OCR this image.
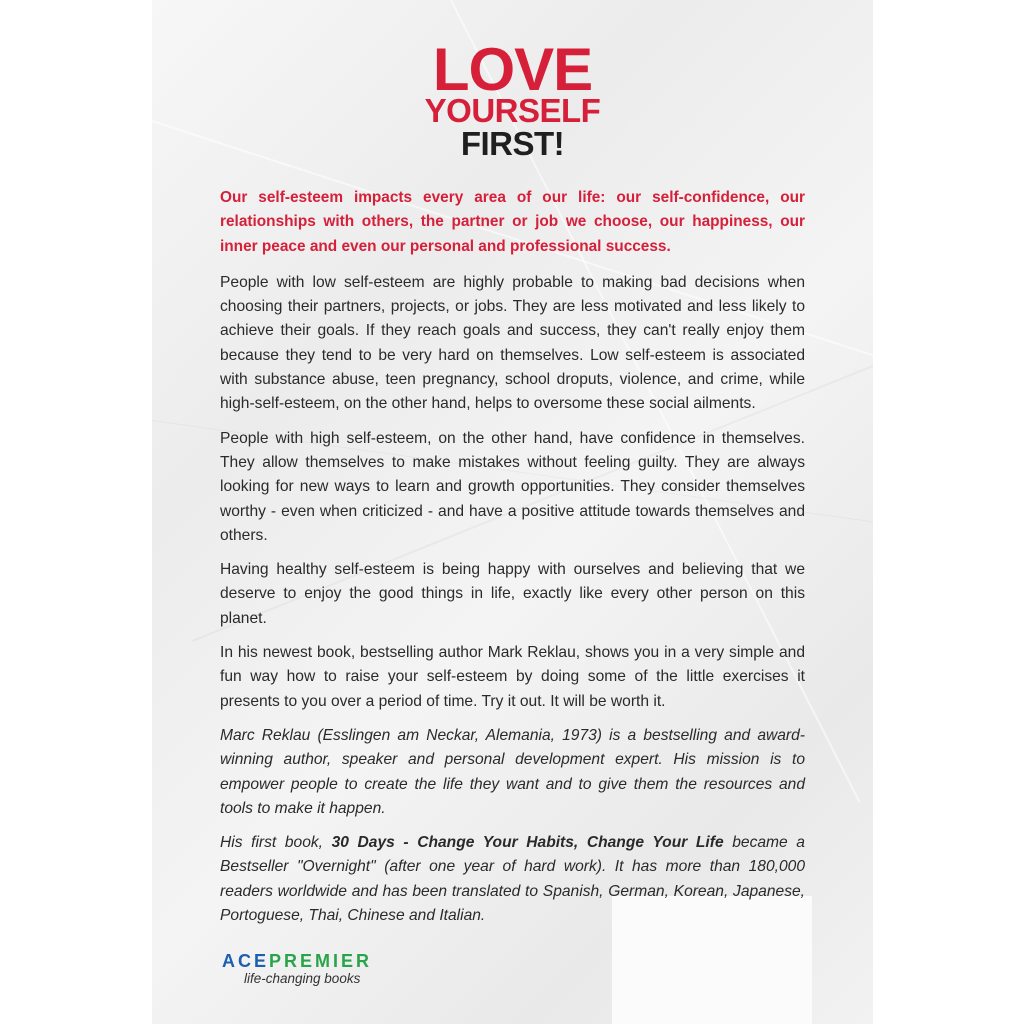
LOVE
YOURSELF
FIRST!

Our self-esteem impacts every area of our life: our self-confidence, our relationships with others, the partner or job we choose, our happiness, our inner peace and even our personal and professional success.

People with low self-esteem are highly probable to making bad decisions when choosing their partners, projects, or jobs. They are less motivated and less likely to achieve their goals. If they reach goals and success, they can't really enjoy them because they tend to be very hard on themselves. Low self-esteem is associated with substance abuse, teen pregnancy, school droputs, violence, and crime, while high-self-esteem, on the other hand, helps to oversome these social ailments.

People with high self-esteem, on the other hand, have confidence in themselves. They allow themselves to make mistakes without feeling guilty. They are always looking for new ways to learn and growth opportunities. They consider themselves worthy - even when criticized - and have a positive attitude towards themselves and others.

Having healthy self-esteem is being happy with ourselves and believing that we deserve to enjoy the good things in life, exactly like every other person on this planet.

In his newest book, bestselling author Mark Reklau, shows you in a very simple and fun way how to raise your self-esteem by doing some of the little exercises it presents to you over a period of time. Try it out. It will be worth it.

Marc Reklau (Esslingen am Neckar, Alemania, 1973) is a bestselling and award-winning author, speaker and personal development expert. His mission is to empower people to create the life they want and to give them the resources and tools to make it happen.

His first book, 30 Days - Change Your Habits, Change Your Life became a Bestseller "Overnight" (after one year of hard work). It has more than 180,000 readers worldwide and has been translated to Spanish, German, Korean, Japanese, Portoguese, Thai, Chinese and Italian.

ACEPREMIER
life-changing books
